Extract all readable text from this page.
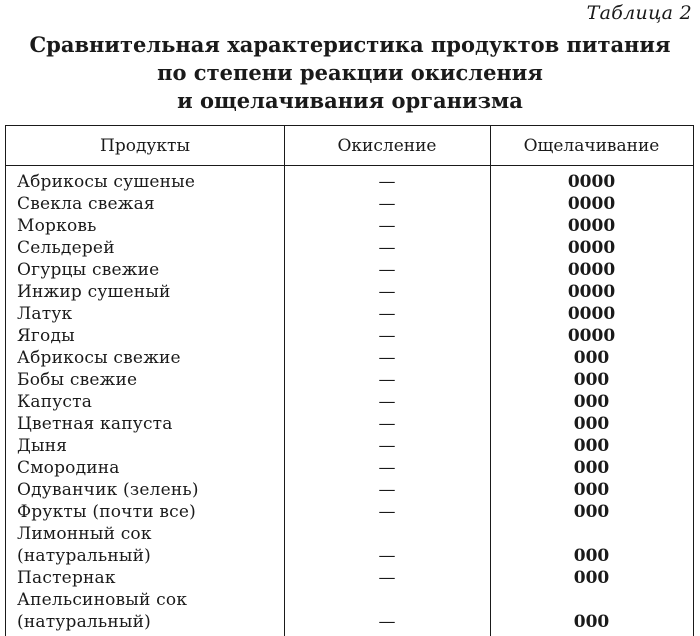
Таблица 2
Сравнительная характеристика продуктов питания
по степени реакции окисления
и ощелачивания организма
Продукты	Окисление	Ощелачивание
Абрикосы сушеные	—	0000
Свекла свежая	—	0000
Морковь	—	0000
Сельдерей	—	0000
Огурцы свежие	—	0000
Инжир сушеный	—	0000
Латук	—	0000
Ягоды	—	0000
Абрикосы свежие	—	000
Бобы свежие	—	000
Капуста	—	000
Цветная капуста	—	000
Дыня	—	000
Смородина	—	000
Одуванчик (зелень)	—	000
Фрукты (почти все)	—	000
Лимонный сок (натуральный)	—	000
Пастернак	—	000
Апельсиновый сок (натуральный)	—	000
